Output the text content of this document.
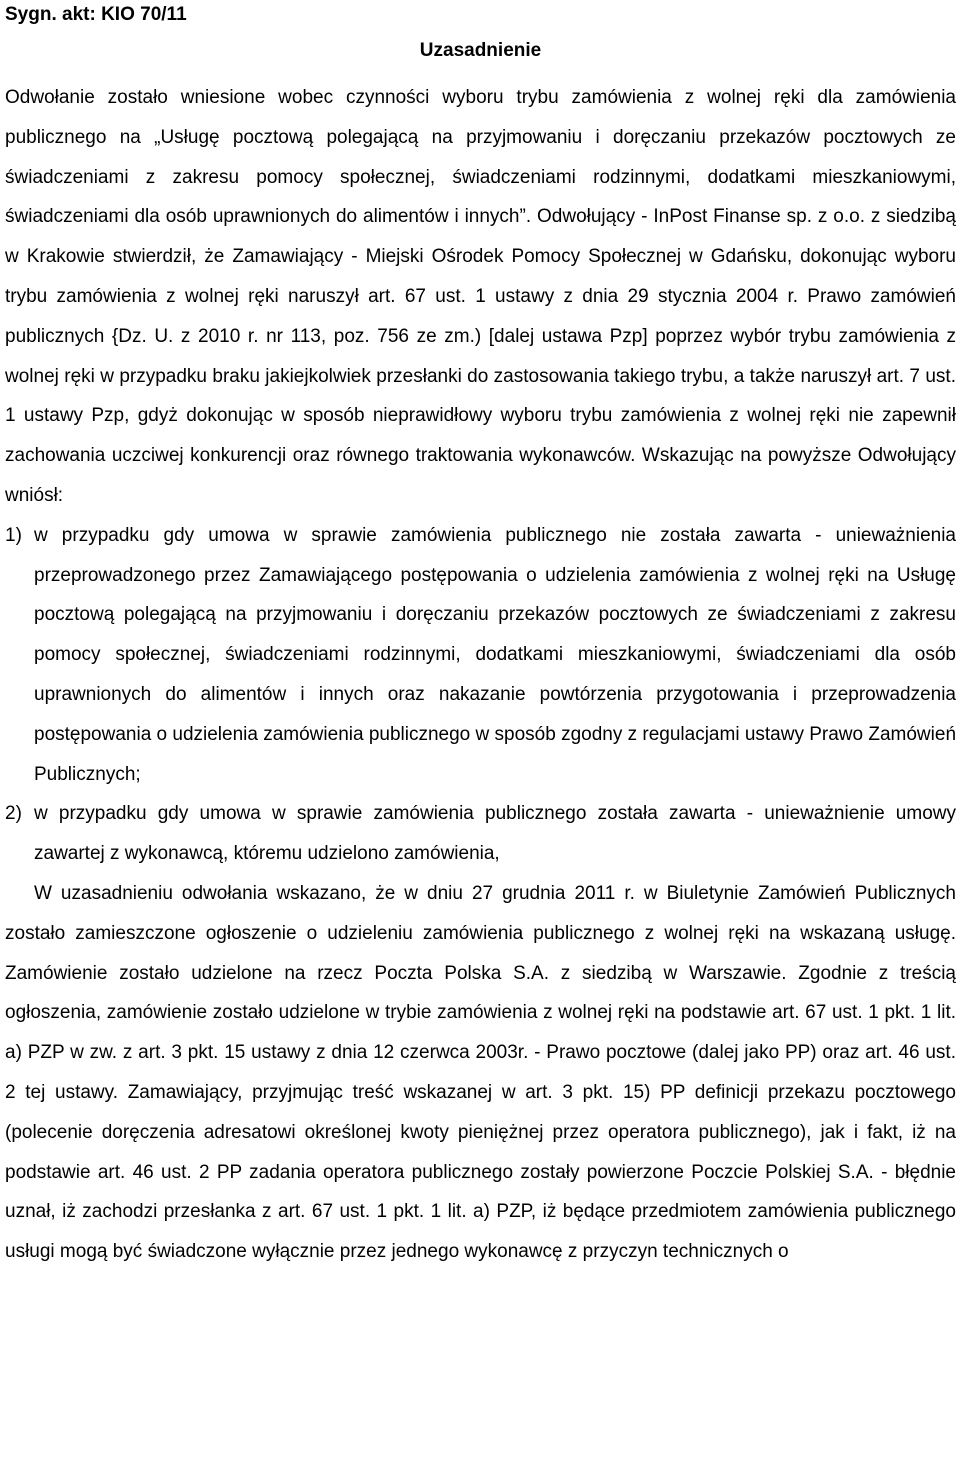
Sygn. akt: KIO 70/11
Uzasadnienie

Odwołanie zostało wniesione wobec czynności wyboru trybu zamówienia z wolnej ręki dla zamówienia publicznego na „Usługę pocztową polegającą na przyjmowaniu i doręczaniu przekazów pocztowych ze świadczeniami z zakresu pomocy społecznej, świadczeniami rodzinnymi, dodatkami mieszkaniowymi, świadczeniami dla osób uprawnionych do alimentów i innych”. Odwołujący - InPost Finanse sp. z o.o. z siedzibą w Krakowie stwierdził, że Zamawiający - Miejski Ośrodek Pomocy Społecznej w Gdańsku, dokonując wyboru trybu zamówienia z wolnej ręki naruszył art. 67 ust. 1 ustawy z dnia 29 stycznia 2004 r. Prawo zamówień publicznych {Dz. U. z 2010 r. nr 113, poz. 756 ze zm.) [dalej ustawa Pzp] poprzez wybór trybu zamówienia z wolnej ręki w przypadku braku jakiejkolwiek przesłanki do zastosowania takiego trybu, a także naruszył art. 7 ust. 1 ustawy Pzp, gdyż dokonując w sposób nieprawidłowy wyboru trybu zamówienia z wolnej ręki nie zapewnił zachowania uczciwej konkurencji oraz równego traktowania wykonawców. Wskazując na powyższe Odwołujący wniósł:

1) w przypadku gdy umowa w sprawie zamówienia publicznego nie została zawarta - unieważnienia przeprowadzonego przez Zamawiającego postępowania o udzielenia zamówienia z wolnej ręki na Usługę pocztową polegającą na przyjmowaniu i doręczaniu przekazów pocztowych ze świadczeniami z zakresu pomocy społecznej, świadczeniami rodzinnymi, dodatkami mieszkaniowymi, świadczeniami dla osób uprawnionych do alimentów i innych oraz nakazanie powtórzenia przygotowania i przeprowadzenia postępowania o udzielenia zamówienia publicznego w sposób zgodny z regulacjami ustawy Prawo Zamówień Publicznych;
2) w przypadku gdy umowa w sprawie zamówienia publicznego została zawarta - unieważnienie umowy zawartej z wykonawcą, któremu udzielono zamówienia,

W uzasadnieniu odwołania wskazano, że w dniu 27 grudnia 2011 r. w Biuletynie Zamówień Publicznych zostało zamieszczone ogłoszenie o udzieleniu zamówienia publicznego z wolnej ręki na wskazaną usługę. Zamówienie zostało udzielone na rzecz Poczta Polska S.A. z siedzibą w Warszawie. Zgodnie z treścią ogłoszenia, zamówienie zostało udzielone w trybie zamówienia z wolnej ręki na podstawie art. 67 ust. 1 pkt. 1 lit. a) PZP w zw. z art. 3 pkt. 15 ustawy z dnia 12 czerwca 2003r. - Prawo pocztowe (dalej jako PP) oraz art. 46 ust. 2 tej ustawy. Zamawiający, przyjmując treść wskazanej w art. 3 pkt. 15) PP definicji przekazu pocztowego (polecenie doręczenia adresatowi określonej kwoty pieniężnej przez operatora publicznego), jak i fakt, iż na podstawie art. 46 ust. 2 PP zadania operatora publicznego zostały powierzone Poczcie Polskiej S.A. - błędnie uznał, iż zachodzi przesłanka z art. 67 ust. 1 pkt. 1 lit. a) PZP, iż będące przedmiotem zamówienia publicznego usługi mogą być świadczone wyłącznie przez jednego wykonawcę z przyczyn technicznych o
